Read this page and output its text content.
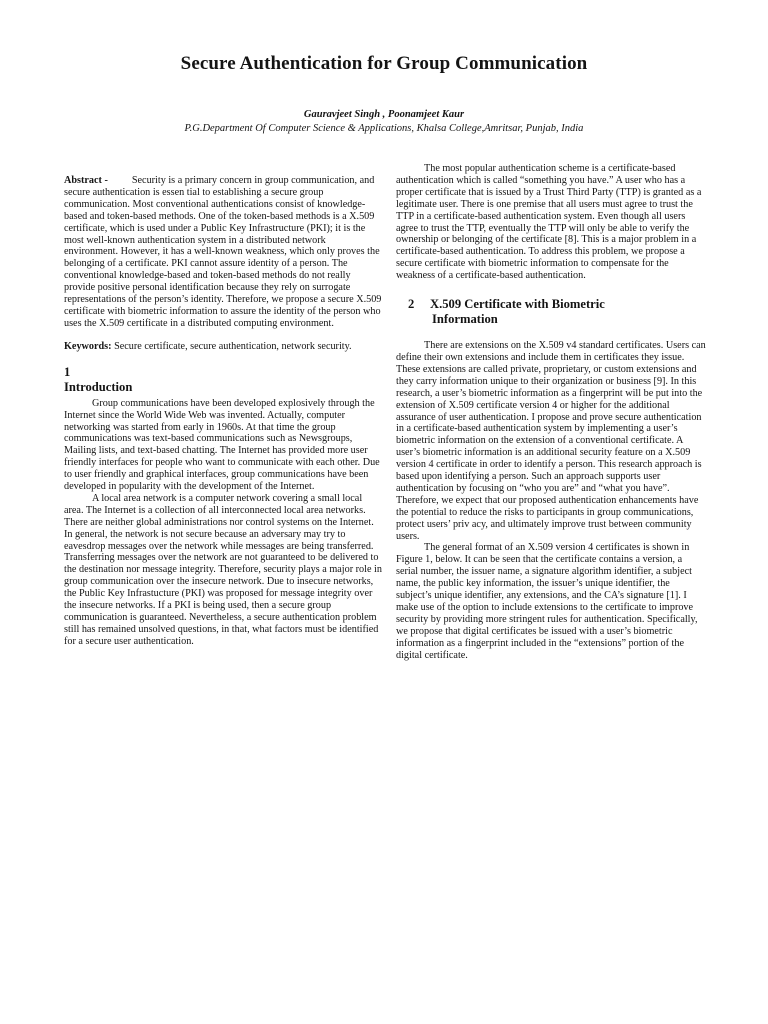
Secure Authentication for Group Communication
Gauravjeet Singh , Poonamjeet Kaur
P.G.Department Of Computer Science & Applications, Khalsa College,Amritsar, Punjab, India

Abstract - Security is a primary concern in group communication, and secure authentication is essen tial to establishing a secure group communication. Most conventional authentications consist of knowledge-based and token-based methods. One of the token-based methods is a X.509 certificate, which is used under a Public Key Infrastructure (PKI); it is the most well-known authentication system in a distributed network environment. However, it has a well-known weakness, which only proves the belonging of a certificate. PKI cannot assure identity of a person. The conventional knowledge-based and token-based methods do not really provide positive personal identification because they rely on surrogate representations of the person’s identity. Therefore, we propose a secure X.509 certificate with biometric information to assure the identity of the person who uses the X.509 certificate in a distributed computing environment.

Keywords: Secure certificate, secure authentication, network security.

1
Introduction

Group communications have been developed explosively through the Internet since the World Wide Web was invented. Actually, computer networking was started from early in 1960s. At that time the group communications was text-based communications such as Newsgroups, Mailing lists, and text-based chatting. The Internet has provided more user friendly interfaces for people who want to communicate with each other. Due to user friendly and graphical interfaces, group communications have been developed in popularity with the development of the Internet.

A local area network is a computer network covering a small local area. The Internet is a collection of all interconnected local area networks. There are neither global administrations nor control systems on the Internet. In general, the network is not secure because an adversary may try to eavesdrop messages over the network while messages are being transferred. Transferring messages over the network are not guaranteed to be delivered to the destination nor message integrity. Therefore, security plays a major role in group communication over the insecure network. Due to insecure networks, the Public Key Infrastucture (PKI) was proposed for message integrity over the insecure networks. If a PKI is being used, then a secure group communication is guaranteed. Nevertheless, a secure authentication problem still has remained unsolved questions, in that, what factors must be identified for a secure user authentication.

The most popular authentication scheme is a certificate-based authentication which is called “something you have.” A user who has a proper certificate that is issued by a Trust Third Party (TTP) is granted as a legitimate user. There is one premise that all users must agree to trust the TTP in a certificate-based authentication system. Even though all users agree to trust the TTP, eventually the TTP will only be able to verify the ownership or belonging of the certificate [8]. This is a major problem in a certificate-based authentication. To address this problem, we propose a secure certificate with biometric information to compensate for the weakness of a certificate-based authentication.

2 X.509 Certificate with Biometric
Information

There are extensions on the X.509 v4 standard certificates. Users can define their own extensions and include them in certificates they issue. These extensions are called private, proprietary, or custom extensions and they carry information unique to their organization or business [9]. In this research, a user’s biometric information as a fingerprint will be put into the extension of X.509 certificate version 4 or higher for the additional assurance of user authentication. I propose and prove secure authentication in a certificate-based authentication system by implementing a user’s biometric information on the extension of a conventional certificate. A user’s biometric information is an additional security feature on a X.509 version 4 certificate in order to identify a person. This research approach is based upon identifying a person. Such an approach supports user authentication by focusing on “who you are” and “what you have”. Therefore, we expect that our proposed authentication enhancements have the potential to reduce the risks to participants in group communications, protect users’ priv acy, and ultimately improve trust between community users.

The general format of an X.509 version 4 certificates is shown in Figure 1, below. It can be seen that the certificate contains a version, a serial number, the issuer name, a signature algorithm identifier, a subject name, the public key information, the issuer’s unique identifier, the subject’s unique identifier, any extensions, and the CA’s signature [1]. I make use of the option to include extensions to the certificate to improve security by providing more stringent rules for authentication. Specifically, we propose that digital certificates be issued with a user’s biometric information as a fingerprint included in the “extensions” portion of the digital certificate.
